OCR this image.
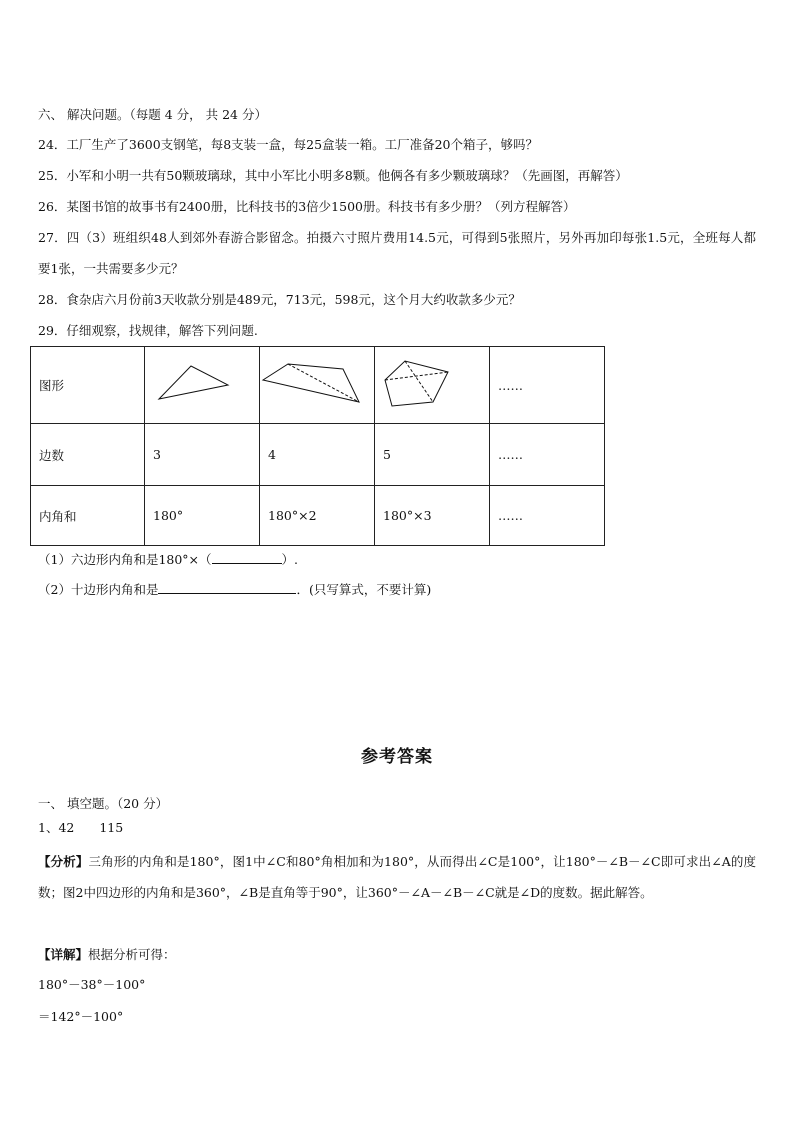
六、 解决问题。（每题 4 分， 共 24 分）
24．工厂生产了3600支钢笔，每8支装一盒，每25盒装一箱。工厂准备20个箱子，够吗？
25．小军和小明一共有50颗玻璃球，其中小军比小明多8颗。他俩各有多少颗玻璃球？（先画图，再解答）
26．某图书馆的故事书有2400册，比科技书的3倍少1500册。科技书有多少册？（列方程解答）
27．四（3）班组织48人到郊外春游合影留念。拍摄六寸照片费用14.5元，可得到5张照片，另外再加印每张1.5元，全班每人都要1张，一共需要多少元？
28．食杂店六月份前3天收款分别是489元，713元，598元，这个月大约收款多少元？
29．仔细观察，找规律，解答下列问题.
图形				……
边数	3	4	5	……
内角和	180°	180°×2	180°×3	……
（1）六边形内角和是180°×（	）.
（2）十边形内角和是	．(只写算式，不要计算)
参考答案
一、 填空题。（20 分）
1、42　　115
【分析】三角形的内角和是180°，图1中∠C和80°角相加和为180°，从而得出∠C是100°，让180°－∠B－∠C即可求出∠A的度数；图2中四边形的内角和是360°，∠B是直角等于90°，让360°－∠A－∠B－∠C就是∠D的度数。据此解答。
【详解】根据分析可得：
180°－38°－100°
＝142°－100°
